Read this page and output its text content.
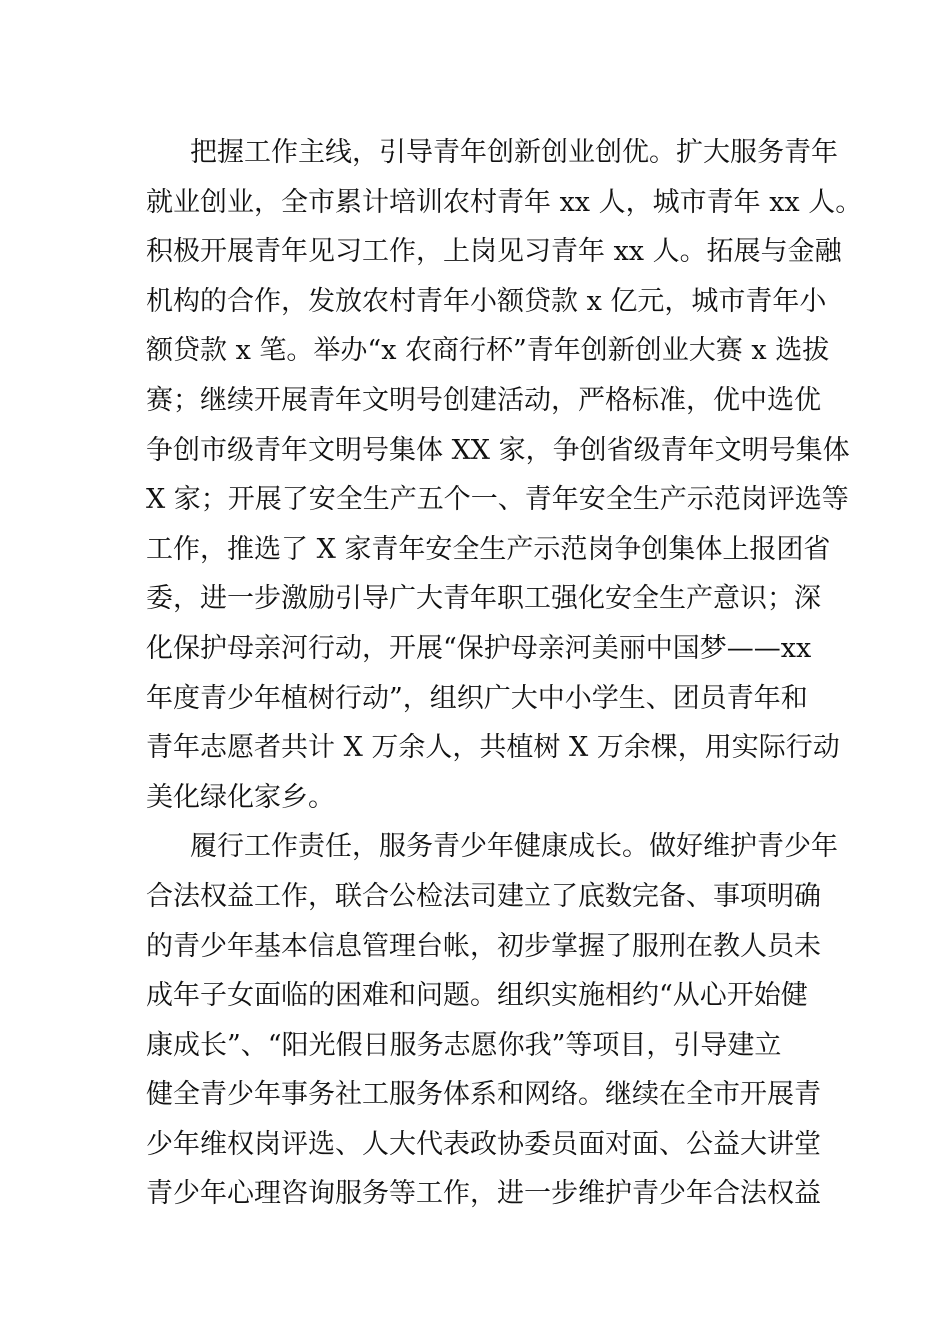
把握工作主线，引导青年创新创业创优。扩大服务青年
就业创业，全市累计培训农村青年 xx 人，城市青年 xx 人。
积极开展青年见习工作，上岗见习青年 xx 人。拓展与金融
机构的合作，发放农村青年小额贷款 x 亿元，城市青年小
额贷款 x 笔。举办“x 农商行杯”青年创新创业大赛 x 选拔
赛；继续开展青年文明号创建活动，严格标准，优中选优
争创市级青年文明号集体 XX 家，争创省级青年文明号集体
X 家；开展了安全生产五个一、青年安全生产示范岗评选等
工作，推选了 X 家青年安全生产示范岗争创集体上报团省
委，进一步激励引导广大青年职工强化安全生产意识；深
化保护母亲河行动，开展“保护母亲河美丽中国梦——xx
年度青少年植树行动”，组织广大中小学生、团员青年和
青年志愿者共计 X 万余人，共植树 X 万余棵，用实际行动
美化绿化家乡。
履行工作责任，服务青少年健康成长。做好维护青少年
合法权益工作，联合公检法司建立了底数完备、事项明确
的青少年基本信息管理台帐，初步掌握了服刑在教人员未
成年子女面临的困难和问题。组织实施相约“从心开始健
康成长”、“阳光假日服务志愿你我”等项目，引导建立
健全青少年事务社工服务体系和网络。继续在全市开展青
少年维权岗评选、人大代表政协委员面对面、公益大讲堂
青少年心理咨询服务等工作，进一步维护青少年合法权益
